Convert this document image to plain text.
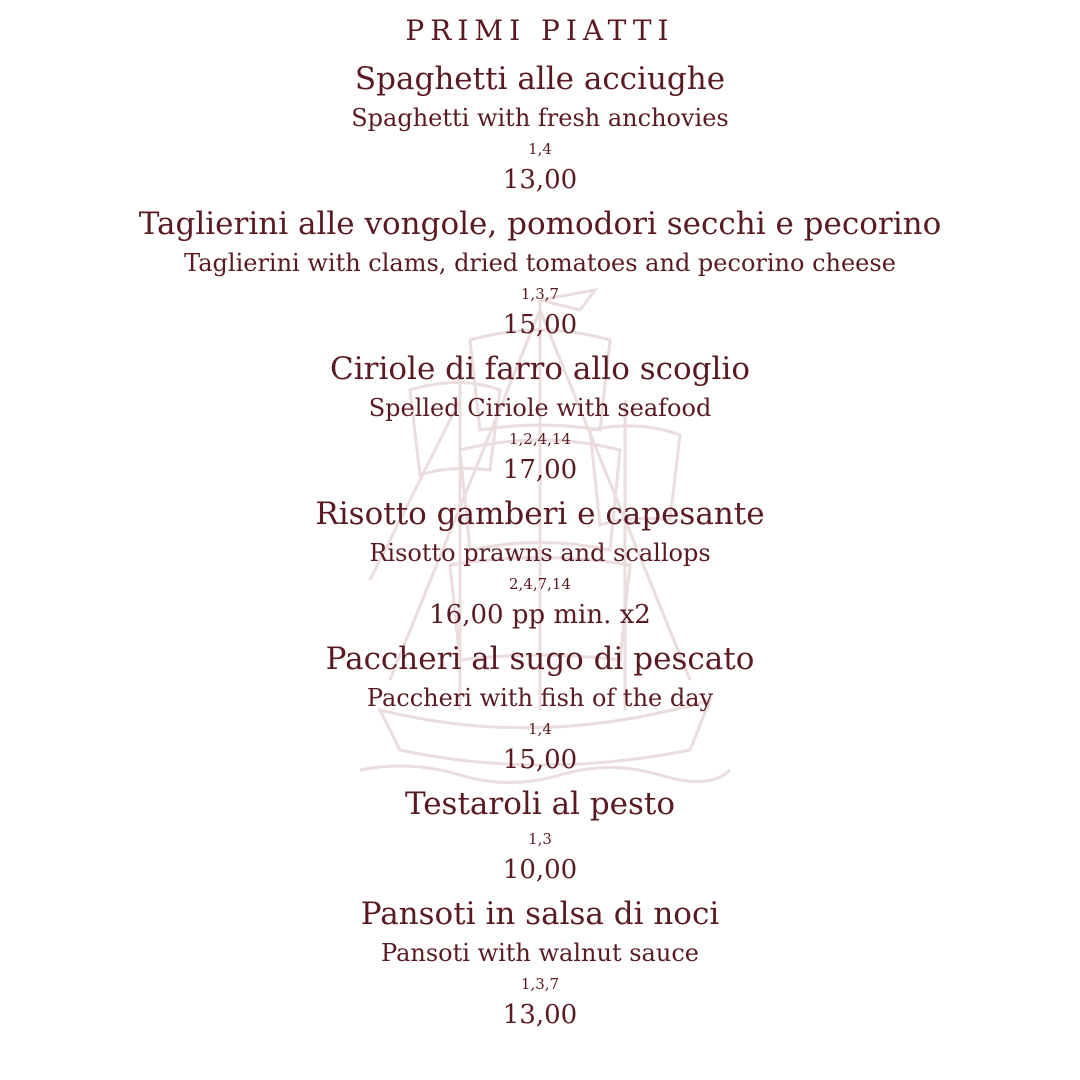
PRIMI PIATTI
Spaghetti alle acciughe
Spaghetti with fresh anchovies
1,4
13,00
Taglierini alle vongole, pomodori secchi e pecorino
Taglierini with clams, dried tomatoes and pecorino cheese
1,3,7
15,00
Ciriole di farro allo scoglio
Spelled Ciriole with seafood
1,2,4,14
17,00
Risotto gamberi e capesante
Risotto prawns and scallops
2,4,7,14
16,00 pp min. x2
Paccheri al sugo di pescato
Paccheri with fish of the day
1,4
15,00
Testaroli al pesto
1,3
10,00
Pansoti in salsa di noci
Pansoti with walnut sauce
1,3,7
13,00
